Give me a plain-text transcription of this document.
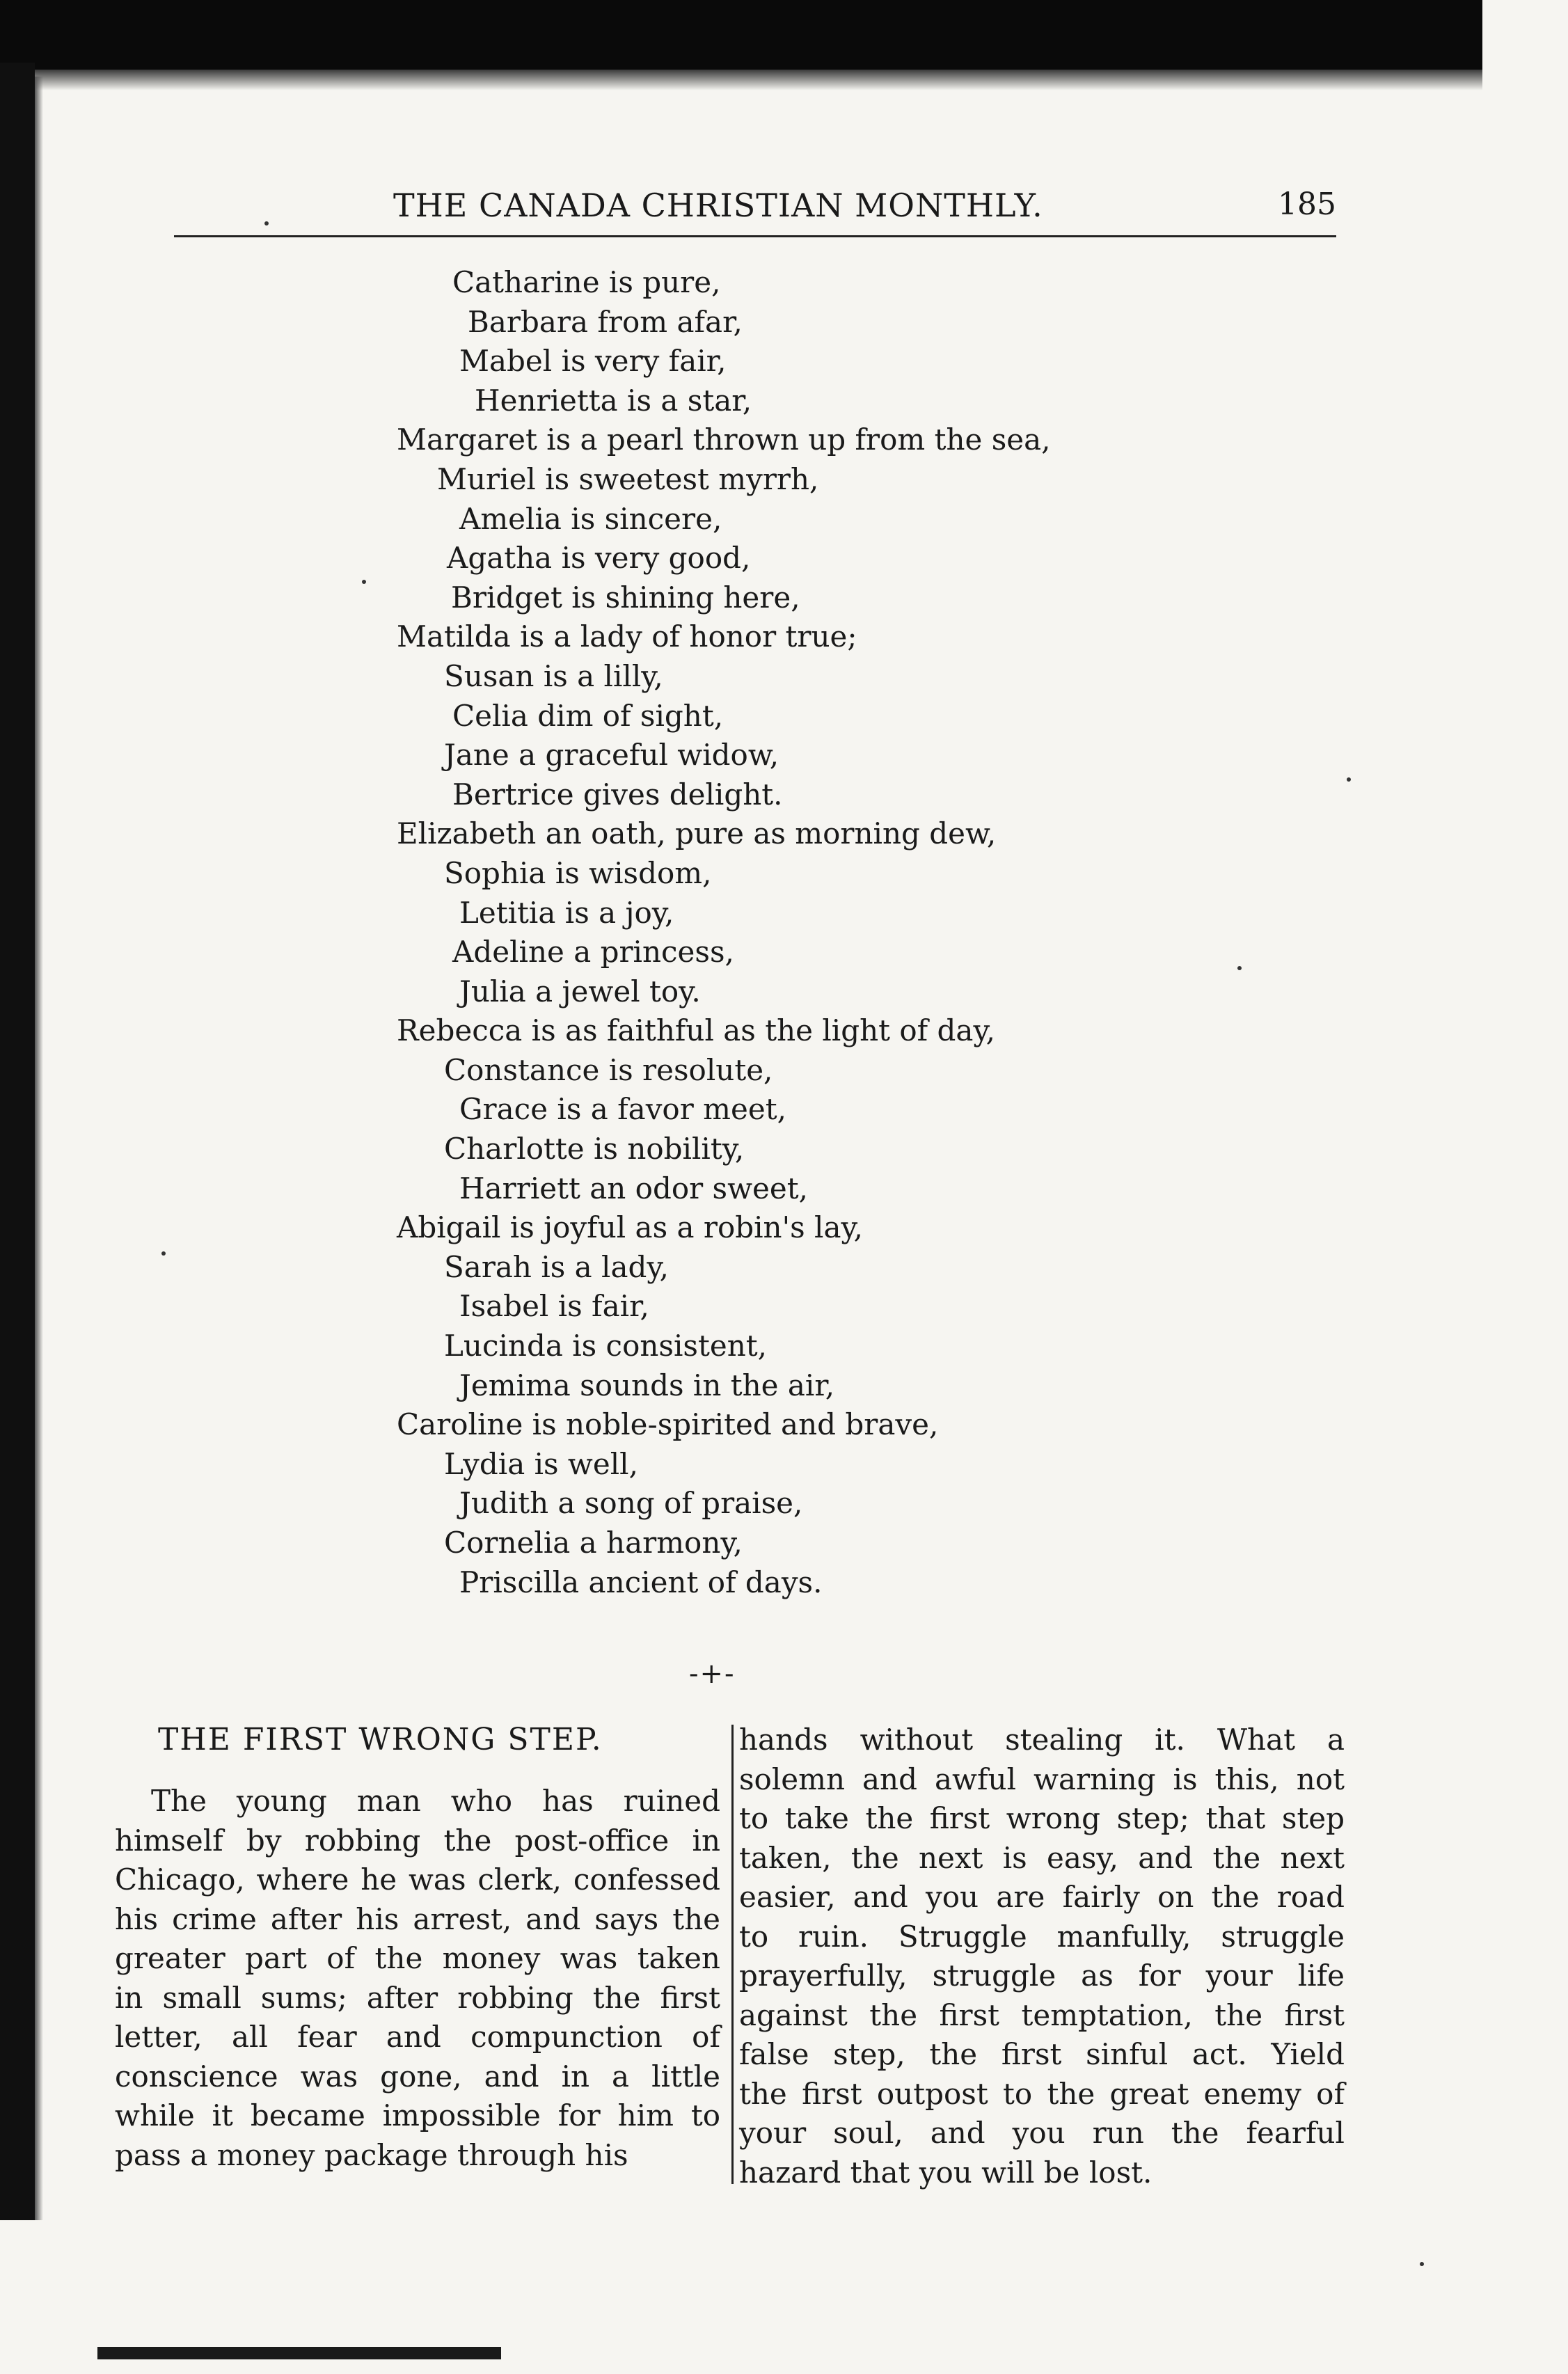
THE CANADA CHRISTIAN MONTHLY.	185
Catharine is pure,
Barbara from afar,
Mabel is very fair,
Henrietta is a star,
Margaret is a pearl thrown up from the sea,
Muriel is sweetest myrrh,
Amelia is sincere,
Agatha is very good,
Bridget is shining here,
Matilda is a lady of honor true;
Susan is a lilly,
Celia dim of sight,
Jane a graceful widow,
Bertrice gives delight.
Elizabeth an oath, pure as morning dew,
Sophia is wisdom,
Letitia is a joy,
Adeline a princess,
Julia a jewel toy.
Rebecca is as faithful as the light of day,
Constance is resolute,
Grace is a favor meet,
Charlotte is nobility,
Harriett an odor sweet,
Abigail is joyful as a robin's lay,
Sarah is a lady,
Isabel is fair,
Lucinda is consistent,
Jemima sounds in the air,
Caroline is noble-spirited and brave,
Lydia is well,
Judith a song of praise,
Cornelia a harmony,
Priscilla ancient of days.
-+-
THE FIRST WRONG STEP.
The young man who has ruined
himself by robbing the post-office in
Chicago, where he was clerk, confessed
his crime after his arrest, and says the
greater part of the money was taken
in small sums; after robbing the first
letter, all fear and compunction of
conscience was gone, and in a little
while it became impossible for him to
pass a money package through his
hands without stealing it. What a
solemn and awful warning is this, not
to take the first wrong step; that step
taken, the next is easy, and the next
easier, and you are fairly on the road
to ruin. Struggle manfully, struggle
prayerfully, struggle as for your life
against the first temptation, the first
false step, the first sinful act. Yield
the first outpost to the great enemy of
your soul, and you run the fearful
hazard that you will be lost.
